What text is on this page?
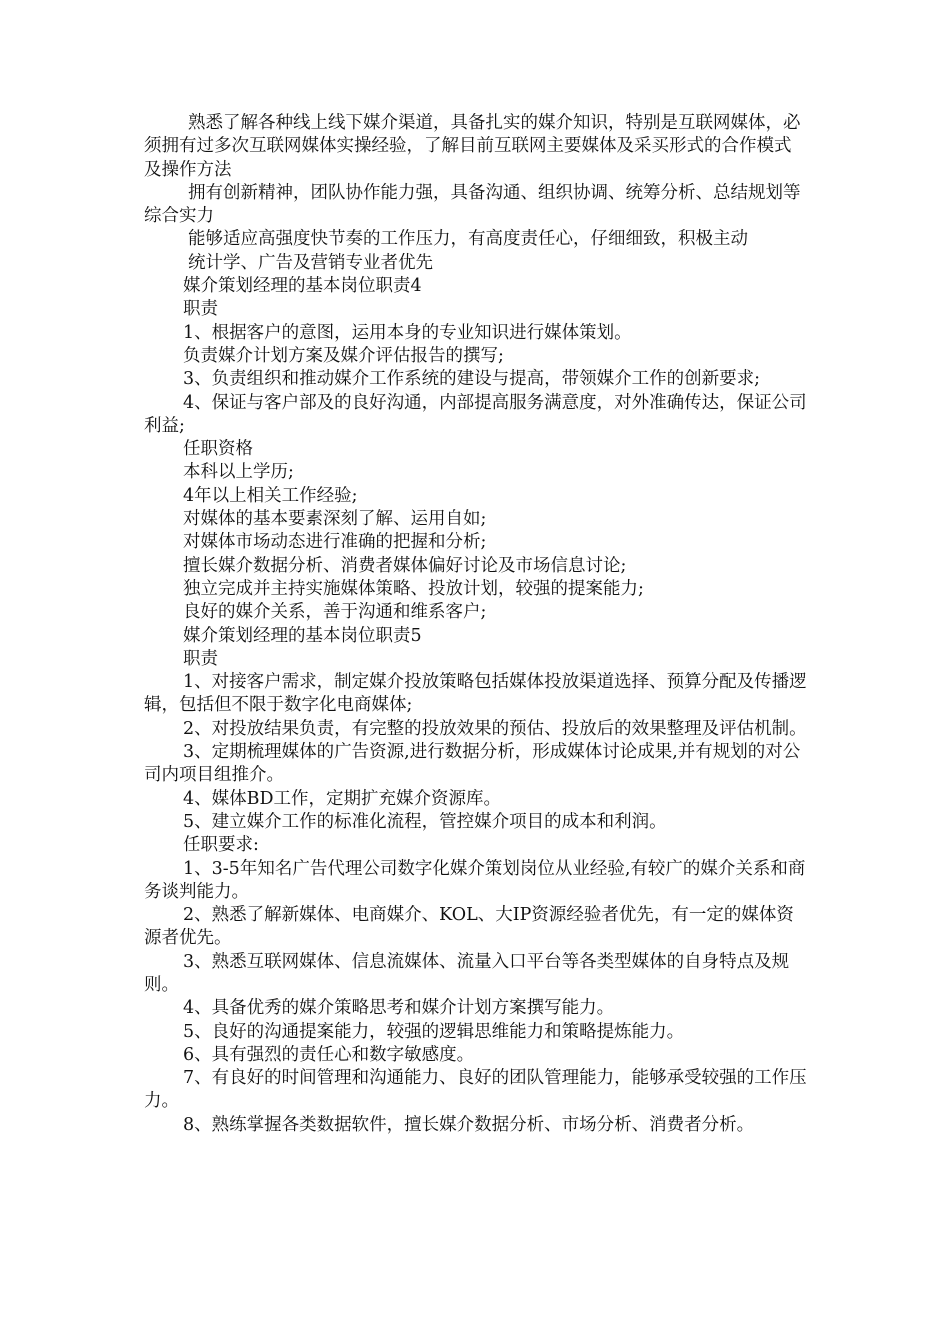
熟悉了解各种线上线下媒介渠道，具备扎实的媒介知识，特别是互联网媒体，必须拥有过多次互联网媒体实操经验，了解目前互联网主要媒体及采买形式的合作模式及操作方法

拥有创新精神，团队协作能力强，具备沟通、组织协调、统筹分析、总结规划等综合实力

能够适应高强度快节奏的工作压力，有高度责任心，仔细细致，积极主动

统计学、广告及营销专业者优先

媒介策划经理的基本岗位职责4

职责

1、根据客户的意图，运用本身的专业知识进行媒体策划。

负责媒介计划方案及媒介评估报告的撰写;

3、负责组织和推动媒介工作系统的建设与提高，带领媒介工作的创新要求;

4、保证与客户部及的良好沟通，内部提高服务满意度，对外准确传达，保证公司利益;

任职资格

本科以上学历;

4年以上相关工作经验;

对媒体的基本要素深刻了解、运用自如;

对媒体市场动态进行准确的把握和分析;

擅长媒介数据分析、消费者媒体偏好讨论及市场信息讨论;

独立完成并主持实施媒体策略、投放计划，较强的提案能力;

良好的媒介关系，善于沟通和维系客户;

媒介策划经理的基本岗位职责5

职责

1、对接客户需求，制定媒介投放策略包括媒体投放渠道选择、预算分配及传播逻辑，包括但不限于数字化电商媒体;

2、对投放结果负责，有完整的投放效果的预估、投放后的效果整理及评估机制。

3、定期梳理媒体的广告资源,进行数据分析，形成媒体讨论成果,并有规划的对公司内项目组推介。

4、媒体BD工作，定期扩充媒介资源库。

5、建立媒介工作的标准化流程，管控媒介项目的成本和利润。

任职要求:

1、3-5年知名广告代理公司数字化媒介策划岗位从业经验,有较广的媒介关系和商务谈判能力。

2、熟悉了解新媒体、电商媒介、KOL、大IP资源经验者优先，有一定的媒体资源者优先。

3、熟悉互联网媒体、信息流媒体、流量入口平台等各类型媒体的自身特点及规则。

4、具备优秀的媒介策略思考和媒介计划方案撰写能力。

5、良好的沟通提案能力，较强的逻辑思维能力和策略提炼能力。

6、具有强烈的责任心和数字敏感度。

7、有良好的时间管理和沟通能力、良好的团队管理能力，能够承受较强的工作压力。

8、熟练掌握各类数据软件，擅长媒介数据分析、市场分析、消费者分析。
